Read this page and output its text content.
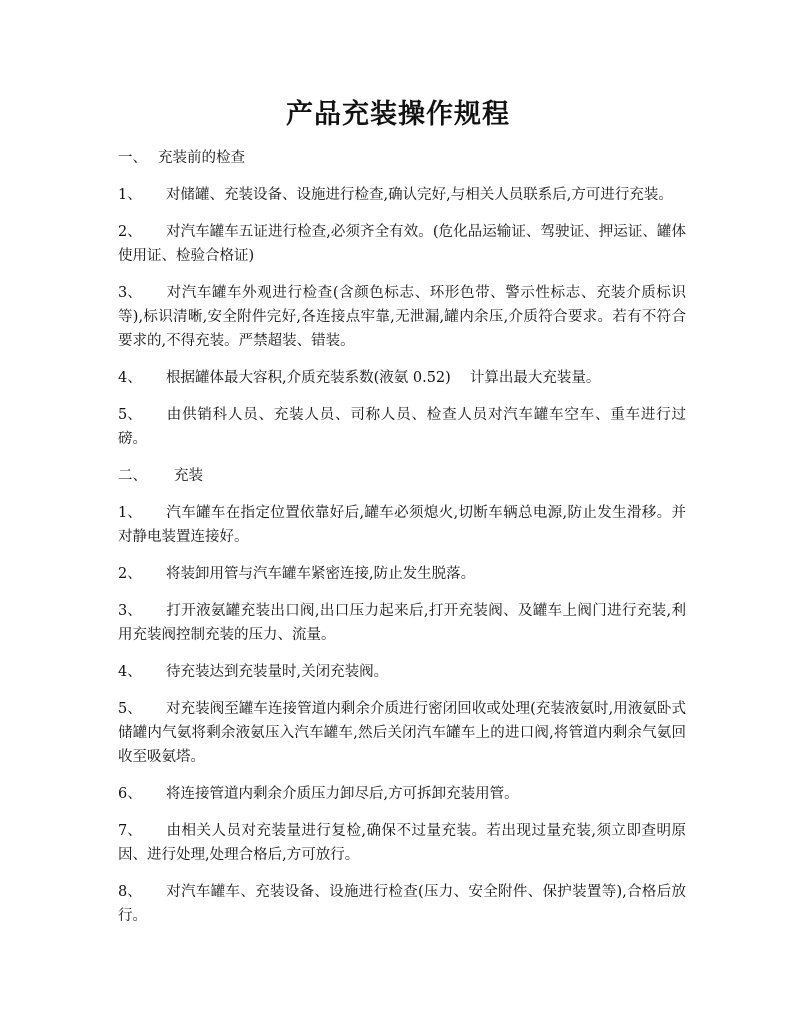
产品充装操作规程
一、 充装前的检查

1、 对储罐、充装设备、设施进行检查,确认完好,与相关人员联系后,方可进行充装。

2、 对汽车罐车五证进行检查,必须齐全有效。(危化品运输证、驾驶证、押运证、罐体使用证、检验合格证)

3、 对汽车罐车外观进行检查(含颜色标志、环形色带、警示性标志、充装介质标识等),标识清晰,安全附件完好,各连接点牢靠,无泄漏,罐内余压,介质符合要求。若有不符合要求的,不得充装。严禁超装、错装。

4、 根据罐体最大容积,介质充装系数(液氨 0.52)　 计算出最大充装量。

5、 由供销科人员、充装人员、司称人员、检查人员对汽车罐车空车、重车进行过磅。

二、 充装

1、 汽车罐车在指定位置依靠好后,罐车必须熄火,切断车辆总电源,防止发生滑移。并对静电装置连接好。

2、 将装卸用管与汽车罐车紧密连接,防止发生脱落。

3、 打开液氨罐充装出口阀,出口压力起来后,打开充装阀、及罐车上阀门进行充装,利用充装阀控制充装的压力、流量。

4、 待充装达到充装量时,关闭充装阀。

5、 对充装阀至罐车连接管道内剩余介质进行密闭回收或处理(充装液氨时,用液氨卧式储罐内气氨将剩余液氨压入汽车罐车,然后关闭汽车罐车上的进口阀,将管道内剩余气氨回收至吸氨塔。

6、 将连接管道内剩余介质压力卸尽后,方可拆卸充装用管。

7、 由相关人员对充装量进行复检,确保不过量充装。若出现过量充装,须立即查明原因、进行处理,处理合格后,方可放行。

8、 对汽车罐车、充装设备、设施进行检查(压力、安全附件、保护装置等),合格后放行。
